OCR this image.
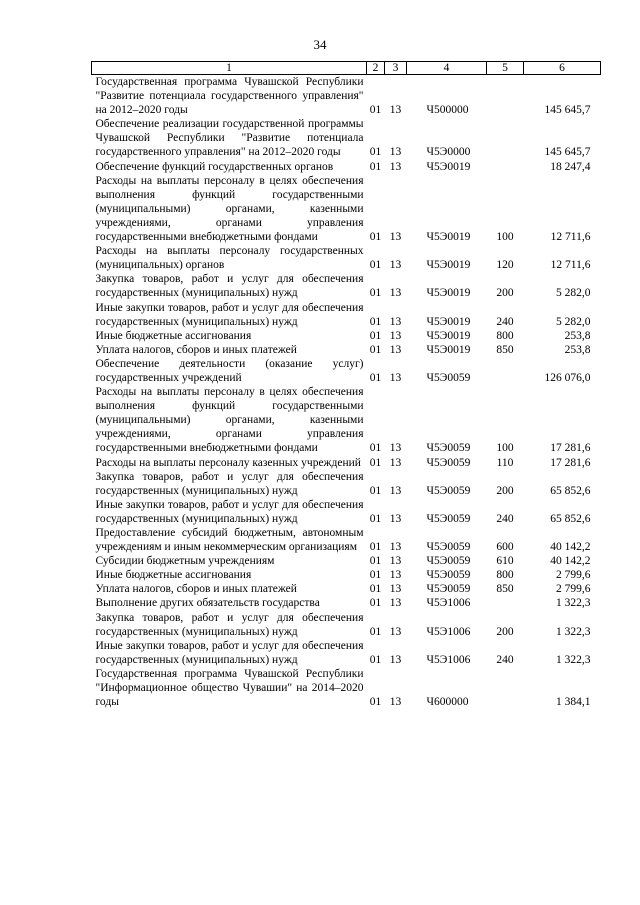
34
1	2	3	4	5	6
Государственная программа Чувашской Республики "Развитие потенциала государственного управления" на 2012–2020 годы	01	13	Ч500000		145 645,7
Обеспечение реализации государственной программы Чувашской Республики "Развитие потенциала государственного управления" на 2012–2020 годы	01	13	Ч5Э0000		145 645,7
Обеспечение функций государственных органов	01	13	Ч5Э0019		18 247,4
Расходы на выплаты персоналу в целях обеспечения выполнения функций государственными (муниципальными) органами, казенными учреждениями, органами управления государственными внебюджетными фондами	01	13	Ч5Э0019	100	12 711,6
Расходы на выплаты персоналу государственных (муниципальных) органов	01	13	Ч5Э0019	120	12 711,6
Закупка товаров, работ и услуг для обеспечения государственных (муниципальных) нужд	01	13	Ч5Э0019	200	5 282,0
Иные закупки товаров, работ и услуг для обеспечения государственных (муниципальных) нужд	01	13	Ч5Э0019	240	5 282,0
Иные бюджетные ассигнования	01	13	Ч5Э0019	800	253,8
Уплата налогов, сборов и иных платежей	01	13	Ч5Э0019	850	253,8
Обеспечение деятельности (оказание услуг) государственных учреждений	01	13	Ч5Э0059		126 076,0
Расходы на выплаты персоналу в целях обеспечения выполнения функций государственными (муниципальными) органами, казенными учреждениями, органами управления государственными внебюджетными фондами	01	13	Ч5Э0059	100	17 281,6
Расходы на выплаты персоналу казенных учреждений	01	13	Ч5Э0059	110	17 281,6
Закупка товаров, работ и услуг для обеспечения государственных (муниципальных) нужд	01	13	Ч5Э0059	200	65 852,6
Иные закупки товаров, работ и услуг для обеспечения государственных (муниципальных) нужд	01	13	Ч5Э0059	240	65 852,6
Предоставление субсидий бюджетным, автономным учреждениям и иным некоммерческим организациям	01	13	Ч5Э0059	600	40 142,2
Субсидии бюджетным учреждениям	01	13	Ч5Э0059	610	40 142,2
Иные бюджетные ассигнования	01	13	Ч5Э0059	800	2 799,6
Уплата налогов, сборов и иных платежей	01	13	Ч5Э0059	850	2 799,6
Выполнение других обязательств государства	01	13	Ч5Э1006		1 322,3
Закупка товаров, работ и услуг для обеспечения государственных (муниципальных) нужд	01	13	Ч5Э1006	200	1 322,3
Иные закупки товаров, работ и услуг для обеспечения государственных (муниципальных) нужд	01	13	Ч5Э1006	240	1 322,3
Государственная программа Чувашской Республики "Информационное общество Чувашии" на 2014–2020 годы	01	13	Ч600000		1 384,1
